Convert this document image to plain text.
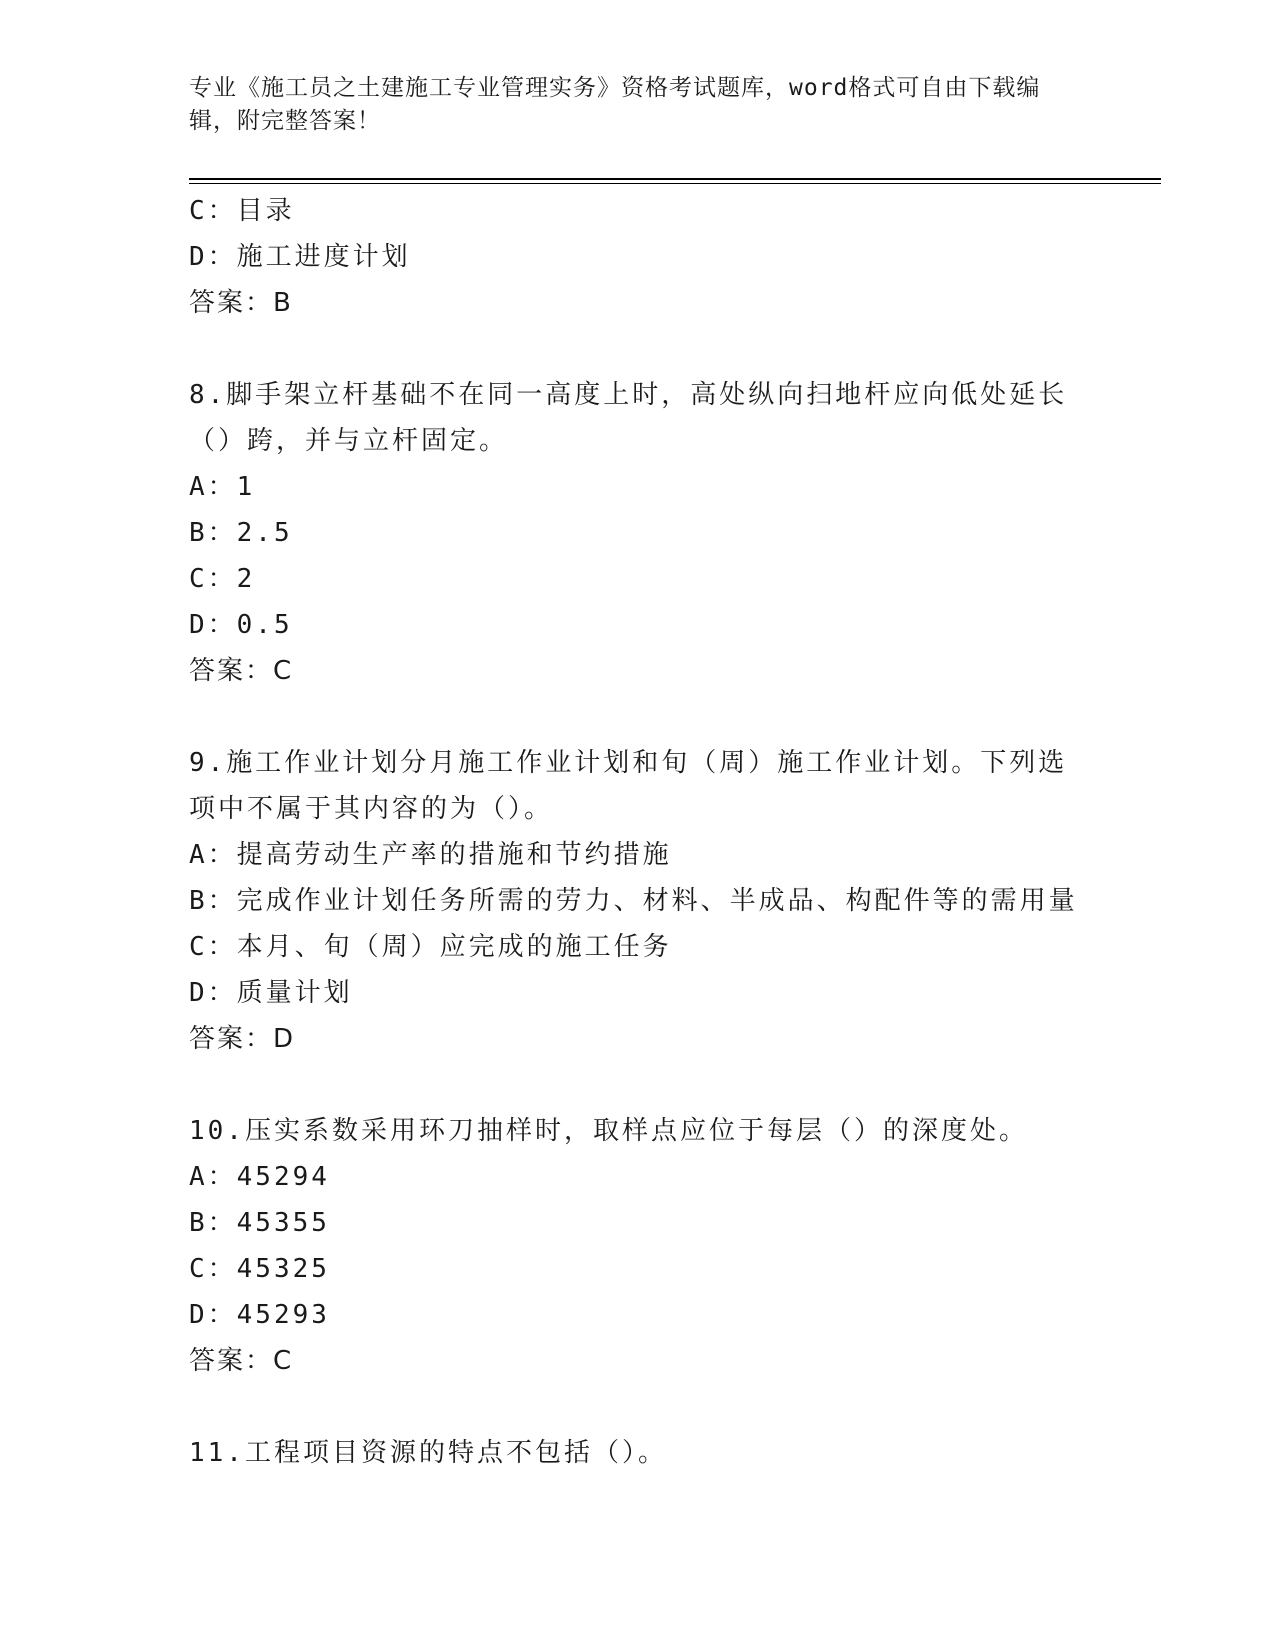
专业《施工员之土建施工专业管理实务》资格考试题库，word格式可自由下载编辑，附完整答案！
C：目录
D：施工进度计划
答案：B
8.脚手架立杆基础不在同一高度上时，高处纵向扫地杆应向低处延长（）跨，并与立杆固定。
A：1
B：2.5
C：2
D：0.5
答案：C
9.施工作业计划分月施工作业计划和旬（周）施工作业计划。下列选项中不属于其内容的为（）。
A：提高劳动生产率的措施和节约措施
B：完成作业计划任务所需的劳力、材料、半成品、构配件等的需用量
C：本月、旬（周）应完成的施工任务
D：质量计划
答案：D
10.压实系数采用环刀抽样时，取样点应位于每层（）的深度处。
A：45294
B：45355
C：45325
D：45293
答案：C
11.工程项目资源的特点不包括（）。
